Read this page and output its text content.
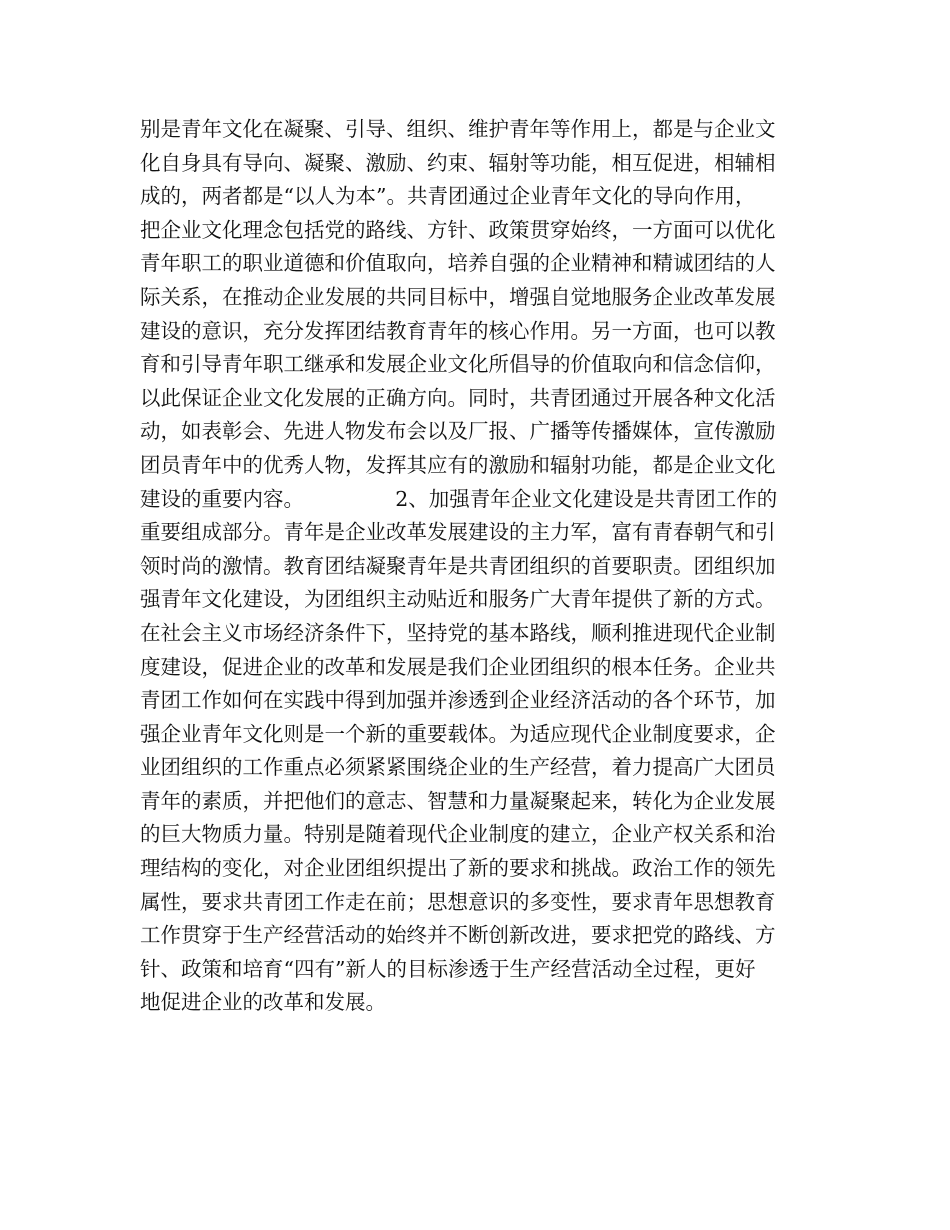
别是青年文化在凝聚、引导、组织、维护青年等作用上，都是与企业文
化自身具有导向、凝聚、激励、约束、辐射等功能，相互促进，相辅相
成的，两者都是“以人为本”。共青团通过企业青年文化的导向作用，
把企业文化理念包括党的路线、方针、政策贯穿始终，一方面可以优化
青年职工的职业道德和价值取向，培养自强的企业精神和精诚团结的人
际关系，在推动企业发展的共同目标中，增强自觉地服务企业改革发展
建设的意识，充分发挥团结教育青年的核心作用。另一方面，也可以教
育和引导青年职工继承和发展企业文化所倡导的价值取向和信念信仰，
以此保证企业文化发展的正确方向。同时，共青团通过开展各种文化活
动，如表彰会、先进人物发布会以及厂报、广播等传播媒体，宣传激励
团员青年中的优秀人物，发挥其应有的激励和辐射功能，都是企业文化
建设的重要内容。              2、加强青年企业文化建设是共青团工作的
重要组成部分。青年是企业改革发展建设的主力军，富有青春朝气和引
领时尚的激情。教育团结凝聚青年是共青团组织的首要职责。团组织加
强青年文化建设，为团组织主动贴近和服务广大青年提供了新的方式。
在社会主义市场经济条件下，坚持党的基本路线，顺利推进现代企业制
度建设，促进企业的改革和发展是我们企业团组织的根本任务。企业共
青团工作如何在实践中得到加强并渗透到企业经济活动的各个环节，加
强企业青年文化则是一个新的重要载体。为适应现代企业制度要求，企
业团组织的工作重点必须紧紧围绕企业的生产经营，着力提高广大团员
青年的素质，并把他们的意志、智慧和力量凝聚起来，转化为企业发展
的巨大物质力量。特别是随着现代企业制度的建立，企业产权关系和治
理结构的变化，对企业团组织提出了新的要求和挑战。政治工作的领先
属性，要求共青团工作走在前；思想意识的多变性，要求青年思想教育
工作贯穿于生产经营活动的始终并不断创新改进，要求把党的路线、方
针、政策和培育“四有”新人的目标渗透于生产经营活动全过程，更好
地促进企业的改革和发展。
